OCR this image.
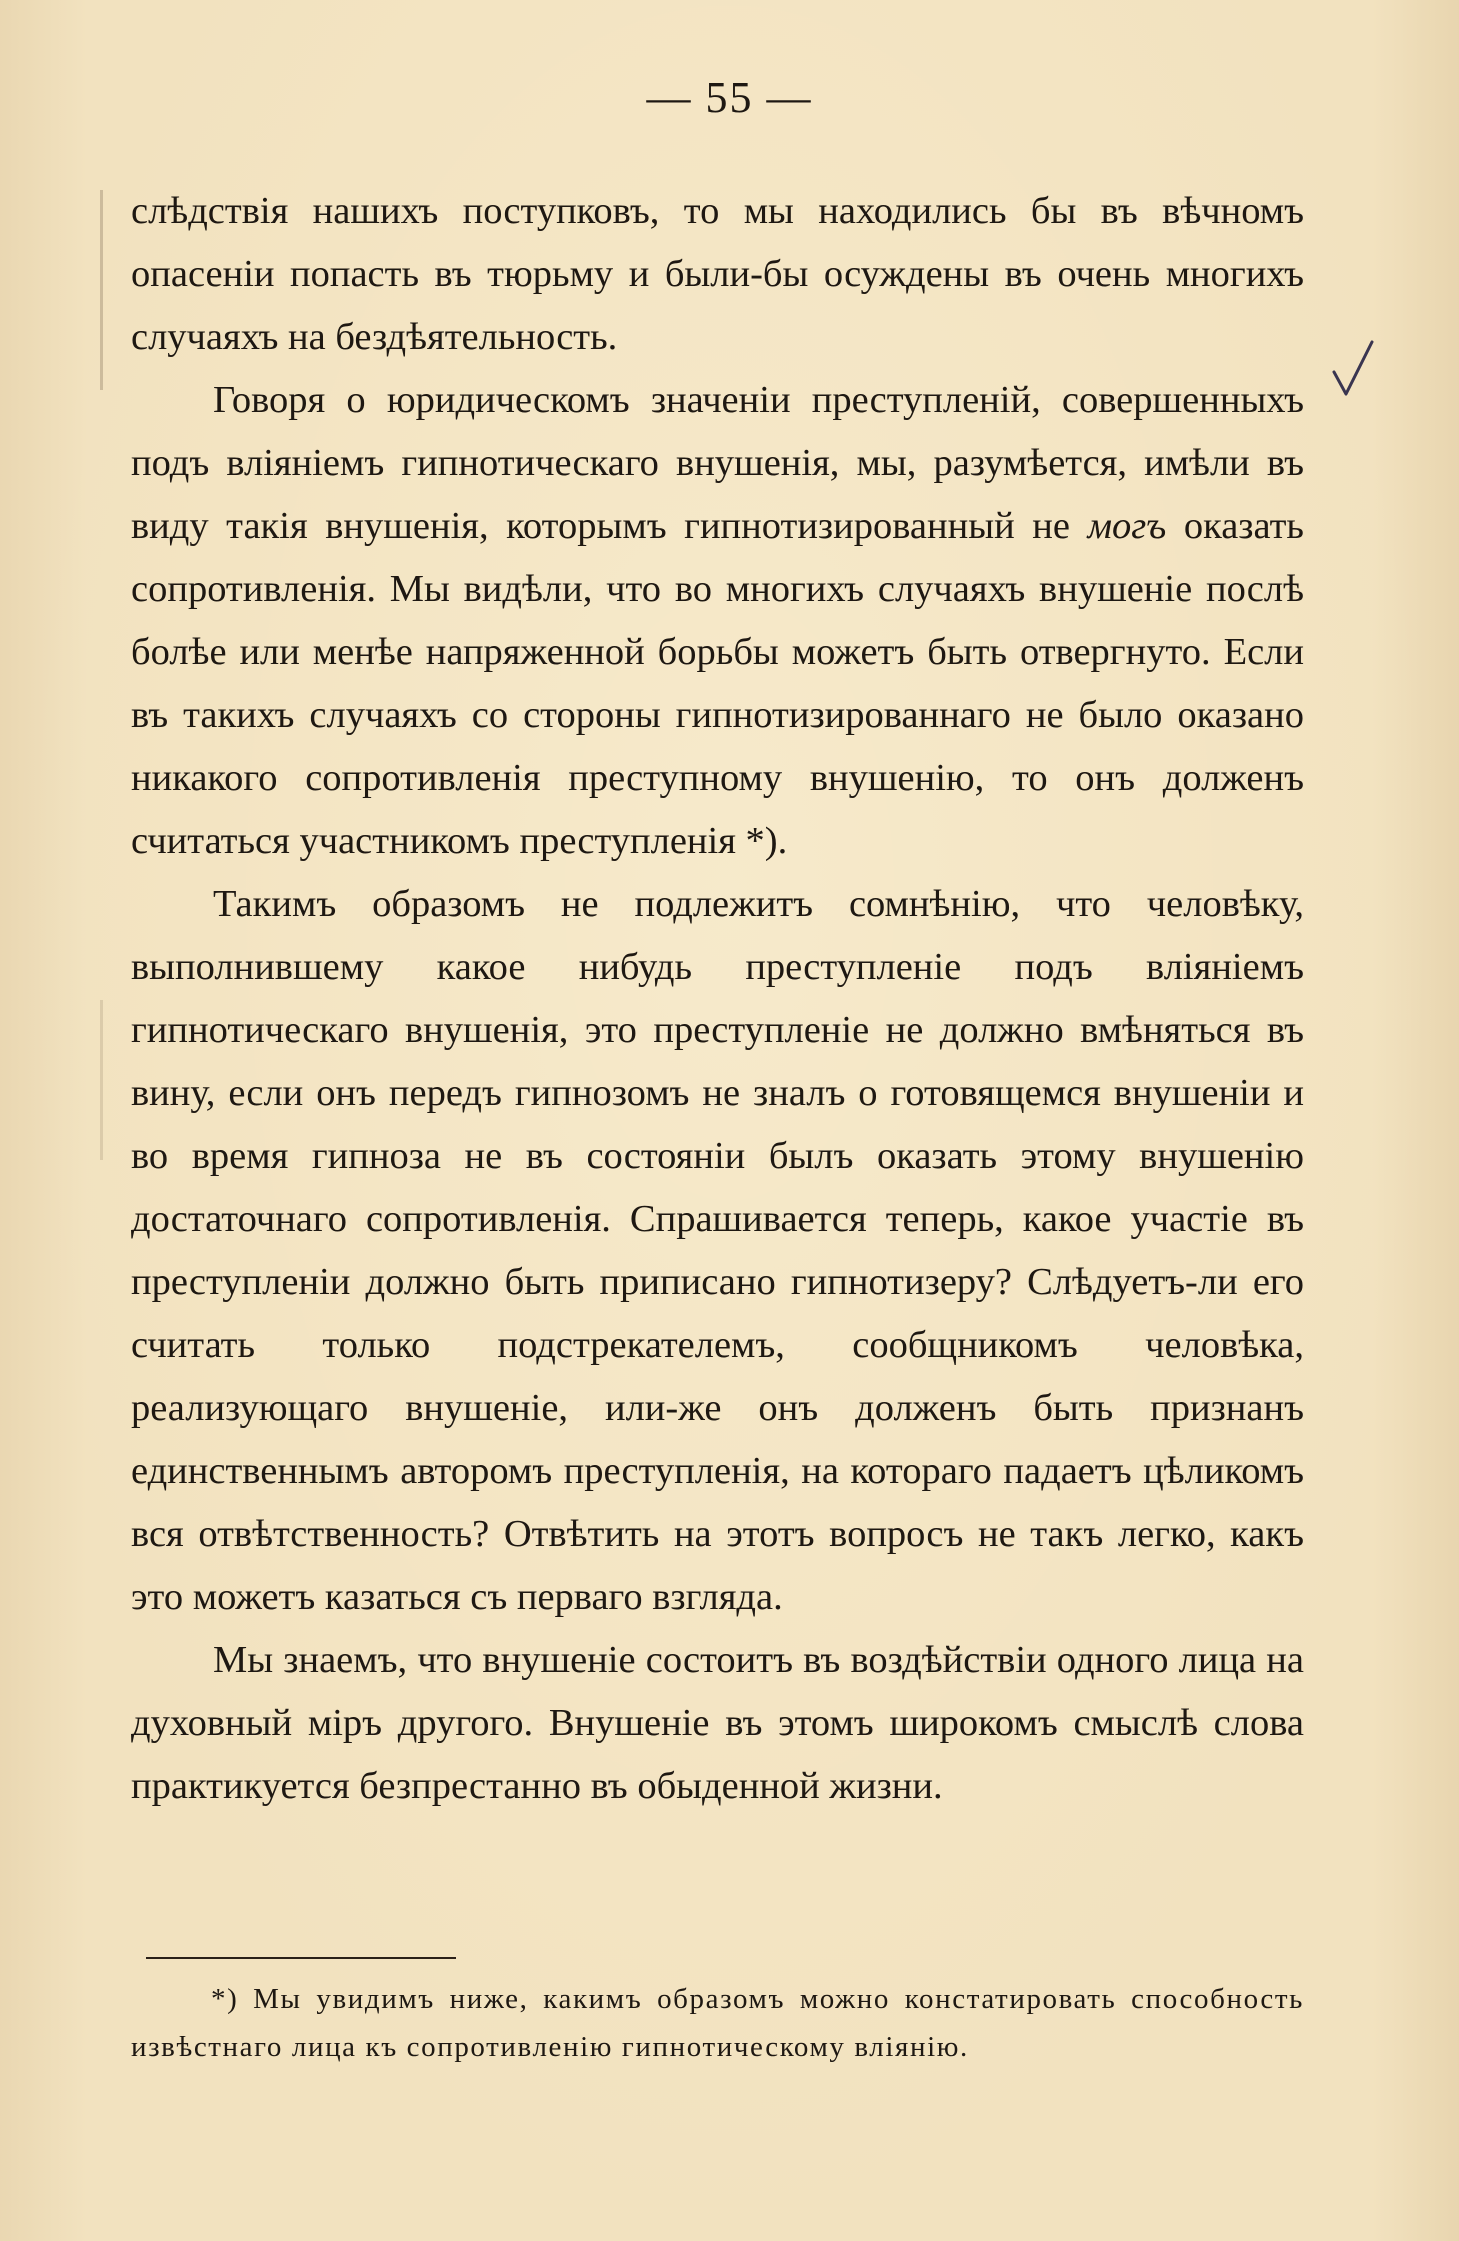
— 55 —

слѣдствія нашихъ поступковъ, то мы находились бы въ вѣчномъ опасеніи попасть въ тюрьму и были-бы осуждены въ очень многихъ случаяхъ на бездѣятельность.

Говоря о юридическомъ значеніи преступленій, совершенныхъ подъ вліяніемъ гипнотическаго внушенія, мы, разумѣется, имѣли въ виду такія внушенія, которымъ гипнотизированный не могъ оказать сопротивленія. Мы видѣли, что во многихъ случаяхъ внушеніе послѣ болѣе или менѣе напряженной борьбы можетъ быть отвергнуто. Если въ такихъ случаяхъ со стороны гипнотизированнаго не было оказано никакого сопротивленія преступному внушенію, то онъ долженъ считаться участникомъ преступленія *).

Такимъ образомъ не подлежитъ сомнѣнію, что человѣку, выполнившему какое нибудь преступленіе подъ вліяніемъ гипнотическаго внушенія, это преступленіе не должно вмѣняться въ вину, если онъ передъ гипнозомъ не зналъ о готовящемся внушеніи и во время гипноза не въ состояніи былъ оказать этому внушенію достаточнаго сопротивленія. Спрашивается теперь, какое участіе въ преступленіи должно быть приписано гипнотизеру? Слѣдуетъ-ли его считать только подстрекателемъ, сообщникомъ человѣка, реализующаго внушеніе, или-же онъ долженъ быть признанъ единственнымъ авторомъ преступленія, на котораго падаетъ цѣликомъ вся отвѣтственность? Отвѣтить на этотъ вопросъ не такъ легко, какъ это можетъ казаться съ перваго взгляда.

Мы знаемъ, что внушеніе состоитъ въ воздѣйствіи одного лица на духовный міръ другого. Внушеніе въ этомъ широкомъ смыслѣ слова практикуется безпрестанно въ обыденной жизни.

*) Мы увидимъ ниже, какимъ образомъ можно констатировать способность извѣстнаго лица къ сопротивленію гипнотическому вліянію.
